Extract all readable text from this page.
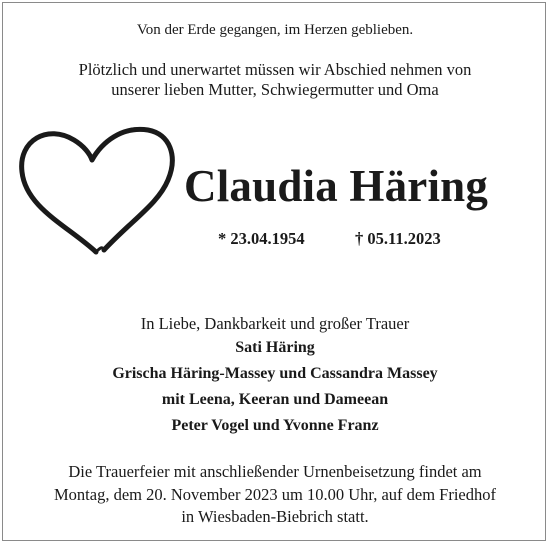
Von der Erde gegangen, im Herzen geblieben.
Plötzlich und unerwartet müssen wir Abschied nehmen von
unserer lieben Mutter, Schwiegermutter und Oma
Claudia Häring
* 23.04.1954	† 05.11.2023
In Liebe, Dankbarkeit und großer Trauer
Sati Häring
Grischa Häring-Massey und Cassandra Massey
mit Leena, Keeran und Dameean
Peter Vogel und Yvonne Franz
Die Trauerfeier mit anschließender Urnenbeisetzung findet am
Montag, dem 20. November 2023 um 10.00 Uhr, auf dem Friedhof
in Wiesbaden-Biebrich statt.
